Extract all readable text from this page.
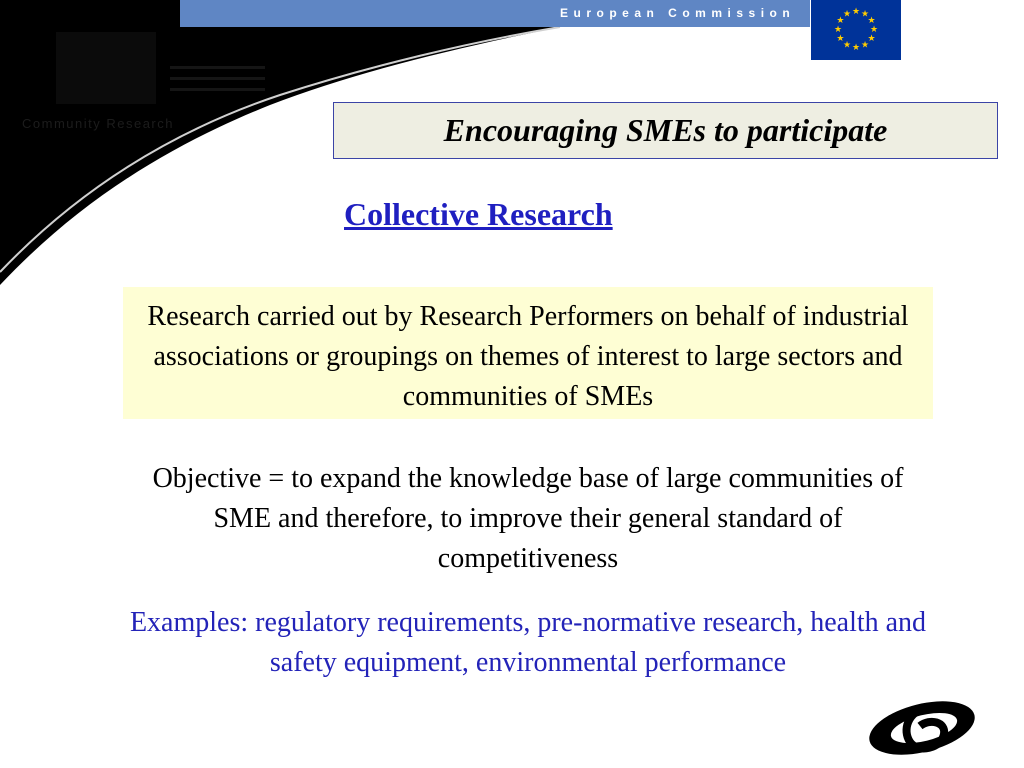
European Commission	★ ★
★
★
★
★
★
★
★
★
★
★
Community Research	Encouraging SMEs to participate
Collective Research
Research carried out by Research Performers on behalf of industrial associations or groupings on themes of interest to large sectors and communities of SMEs
Objective = to expand the knowledge base of large communities of SME and therefore, to improve their general standard of competitiveness
Examples: regulatory requirements, pre-normative research, health and safety equipment, environmental performance
